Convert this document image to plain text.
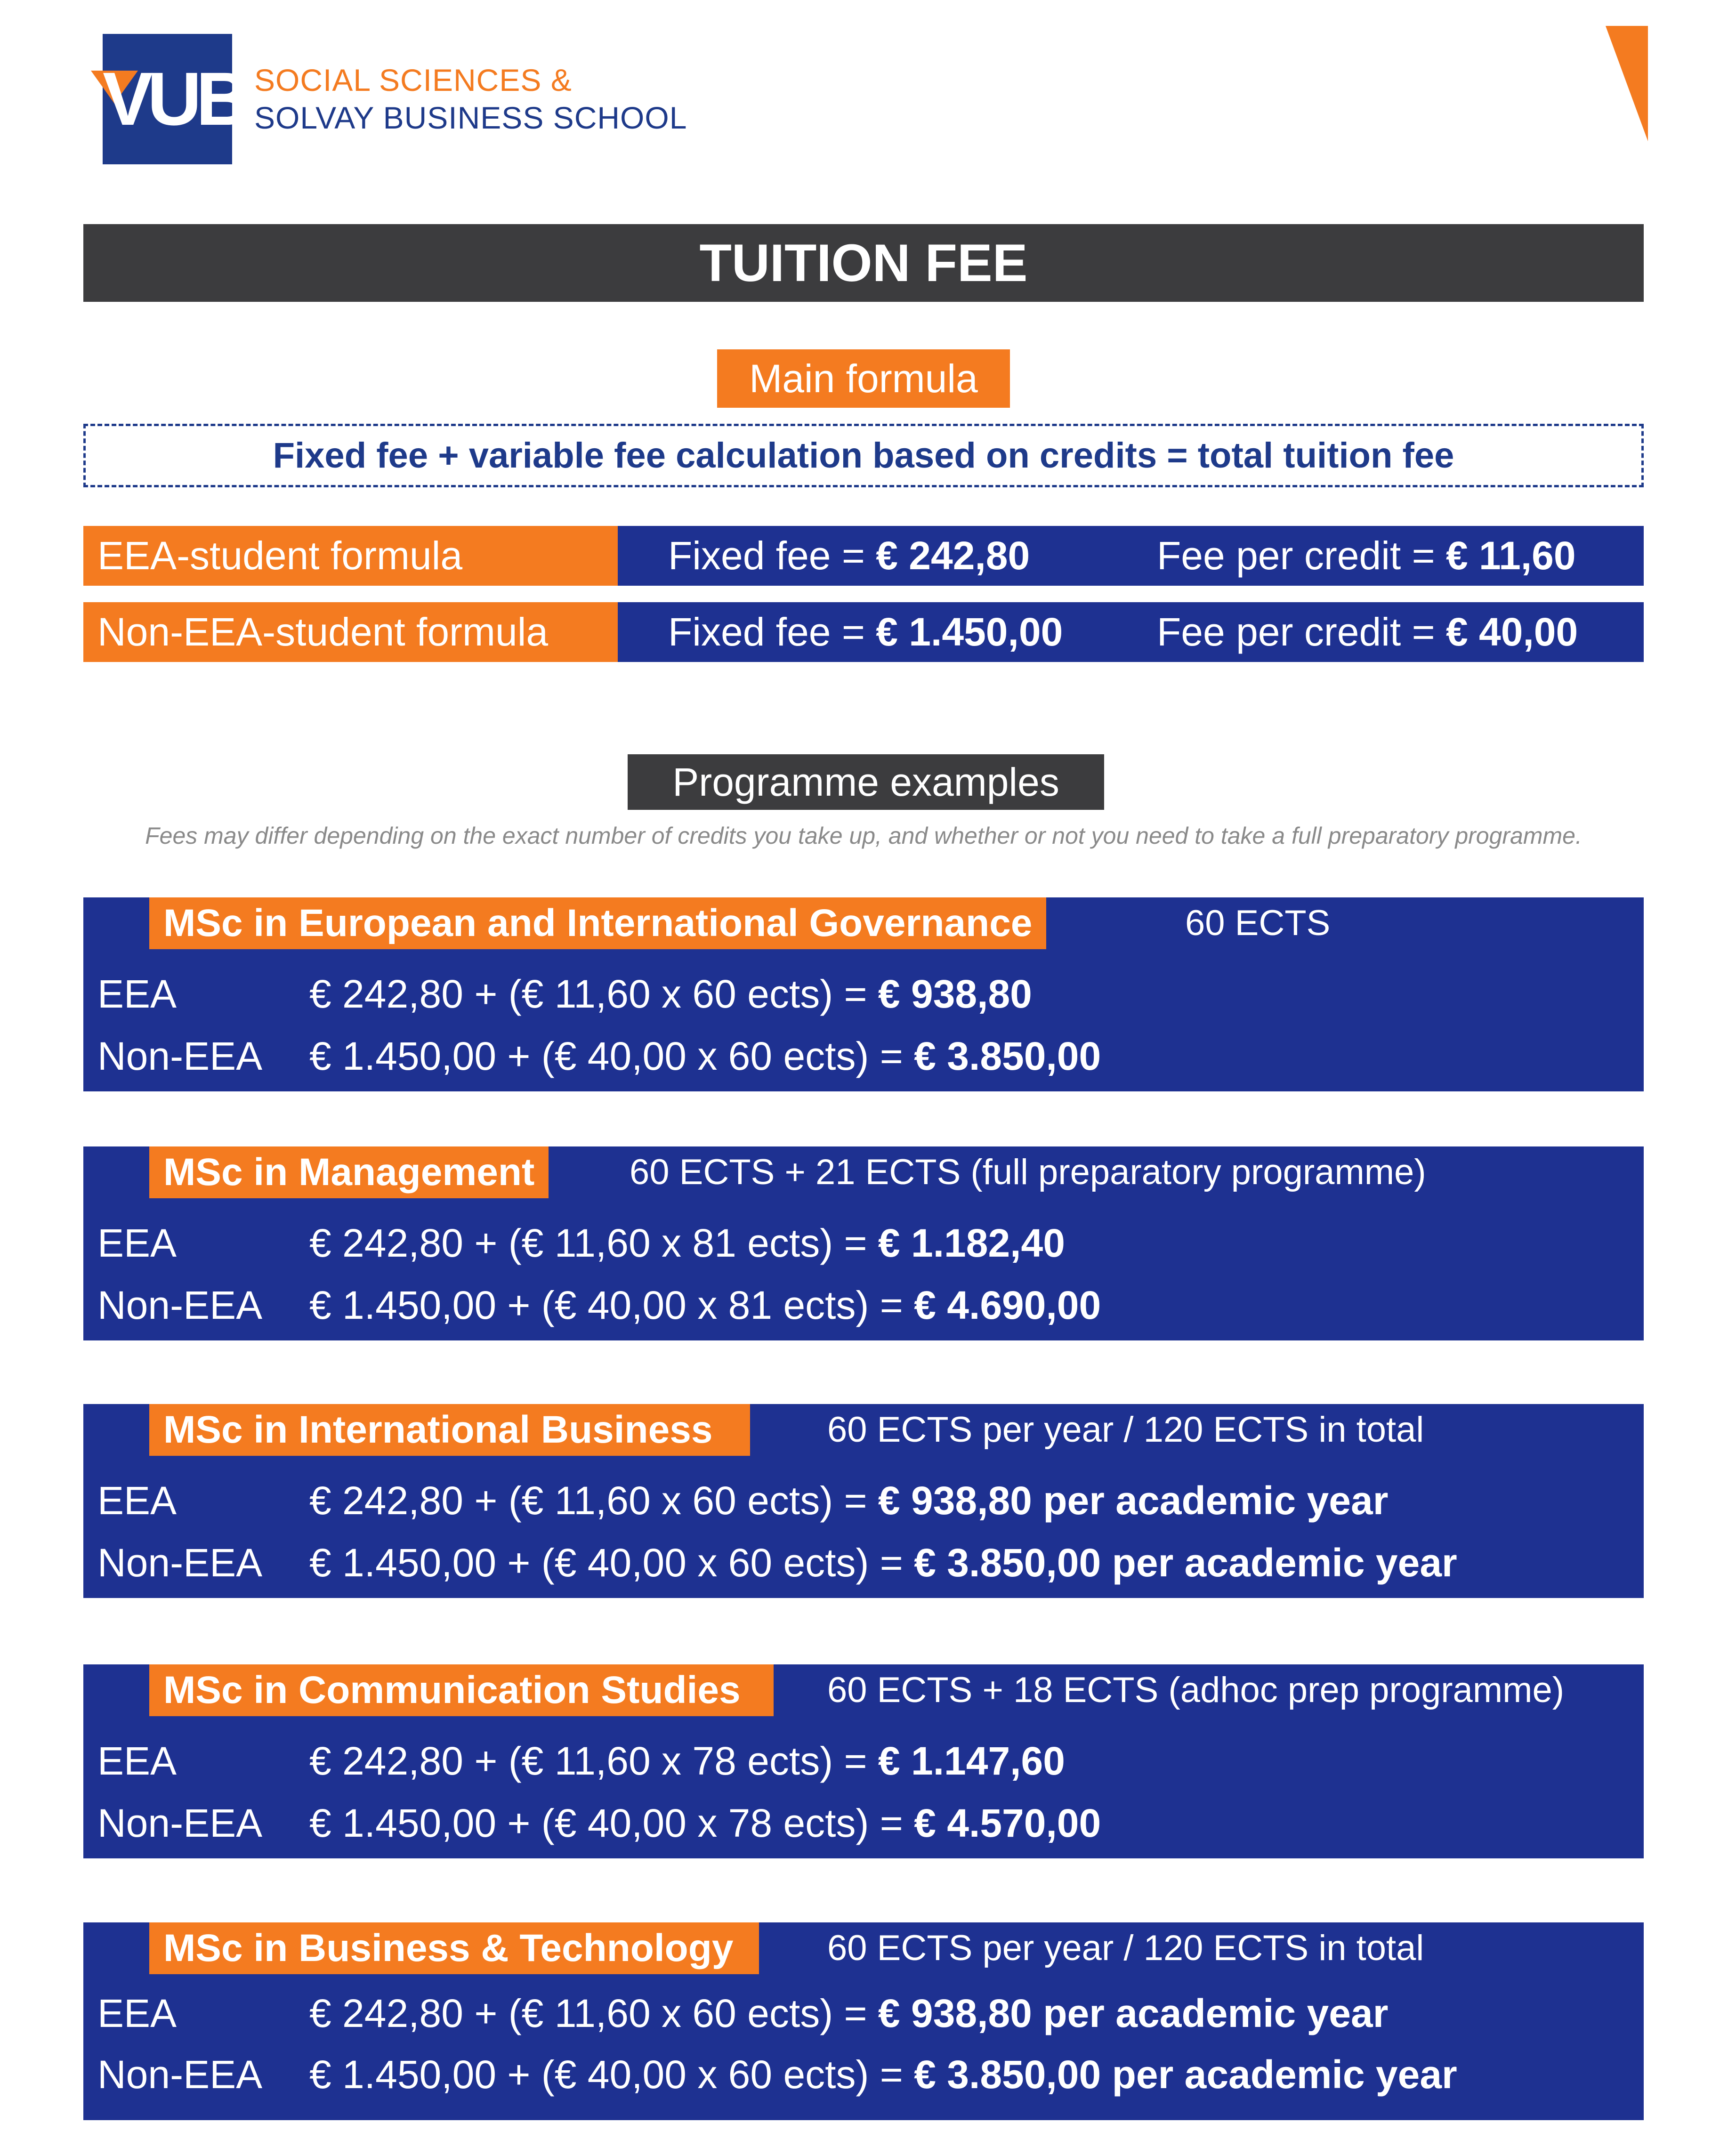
VUB SOCIAL SCIENCES &
SOLVAY BUSINESS SCHOOL
TUITION FEE
Main formula
Fixed fee + variable fee calculation based on credits = total tuition fee
EEA-student formula	Fixed fee = € 242,80	Fee per credit = € 11,60
Non-EEA-student formula	Fixed fee = € 1.450,00 Fee per credit = € 40,00
Programme examples
Fees may differ depending on the exact number of credits you take up, and whether or not you need to take a full preparatory programme.
MSc in European and International Governance	60 ECTS
EEA	€ 242,80 + (€ 11,60 x 60 ects) = € 938,80
Non-EEA € 1.450,00 + (€ 40,00 x 60 ects) = € 3.850,00
MSc in Management	60 ECTS + 21 ECTS (full preparatory programme)
EEA	€ 242,80 + (€ 11,60 x 81 ects) = € 1.182,40
Non-EEA € 1.450,00 + (€ 40,00 x 81 ects) = € 4.690,00
MSc in International Business	60 ECTS per year / 120 ECTS in total
EEA	€ 242,80 + (€ 11,60 x 60 ects) = € 938,80 per academic year
Non-EEA € 1.450,00 + (€ 40,00 x 60 ects) = € 3.850,00 per academic year
MSc in Communication Studies	60 ECTS + 18 ECTS (adhoc prep programme)
EEA	€ 242,80 + (€ 11,60 x 78 ects) = € 1.147,60
Non-EEA € 1.450,00 + (€ 40,00 x 78 ects) = € 4.570,00
MSc in Business & Technology	60 ECTS per year / 120 ECTS in total
EEA	€ 242,80 + (€ 11,60 x 60 ects) = € 938,80 per academic year
Non-EEA € 1.450,00 + (€ 40,00 x 60 ects) = € 3.850,00 per academic year
